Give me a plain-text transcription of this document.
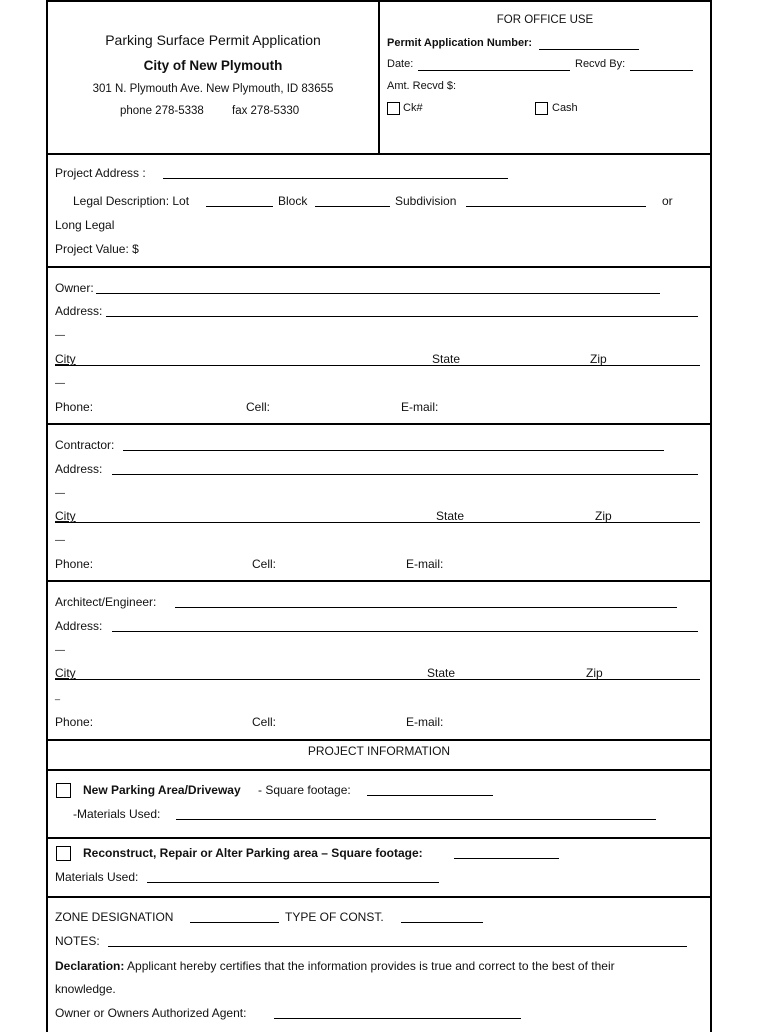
Parking Surface Permit Application
City of New Plymouth
301 N. Plymouth Ave. New Plymouth, ID 83655
phone 278-5338 fax 278-5330
FOR OFFICE USE
Permit Application Number:
Date:	Recvd By:
Amt. Recvd $:
Ck#	Cash
Project Address :
Legal Description: Lot	Block	Subdivision	or
Long Legal
Project Value: $
Owner:
Address:
—
City	State	Zip
—
Phone:	Cell:	E-mail:
Contractor:
Address:
—
City	State	Zip
—
Phone:	Cell:	E-mail:
Architect/Engineer:
Address:
—
City	State	Zip
_
Phone:	Cell:	E-mail:
PROJECT INFORMATION
New Parking Area/Driveway - Square footage:
-Materials Used:
Reconstruct, Repair or Alter Parking area – Square footage:
Materials Used:
ZONE DESIGNATION	TYPE OF CONST.
NOTES:
Declaration: Applicant hereby certifies that the information provides is true and correct to the best of their
knowledge.
Owner or Owners Authorized Agent:
